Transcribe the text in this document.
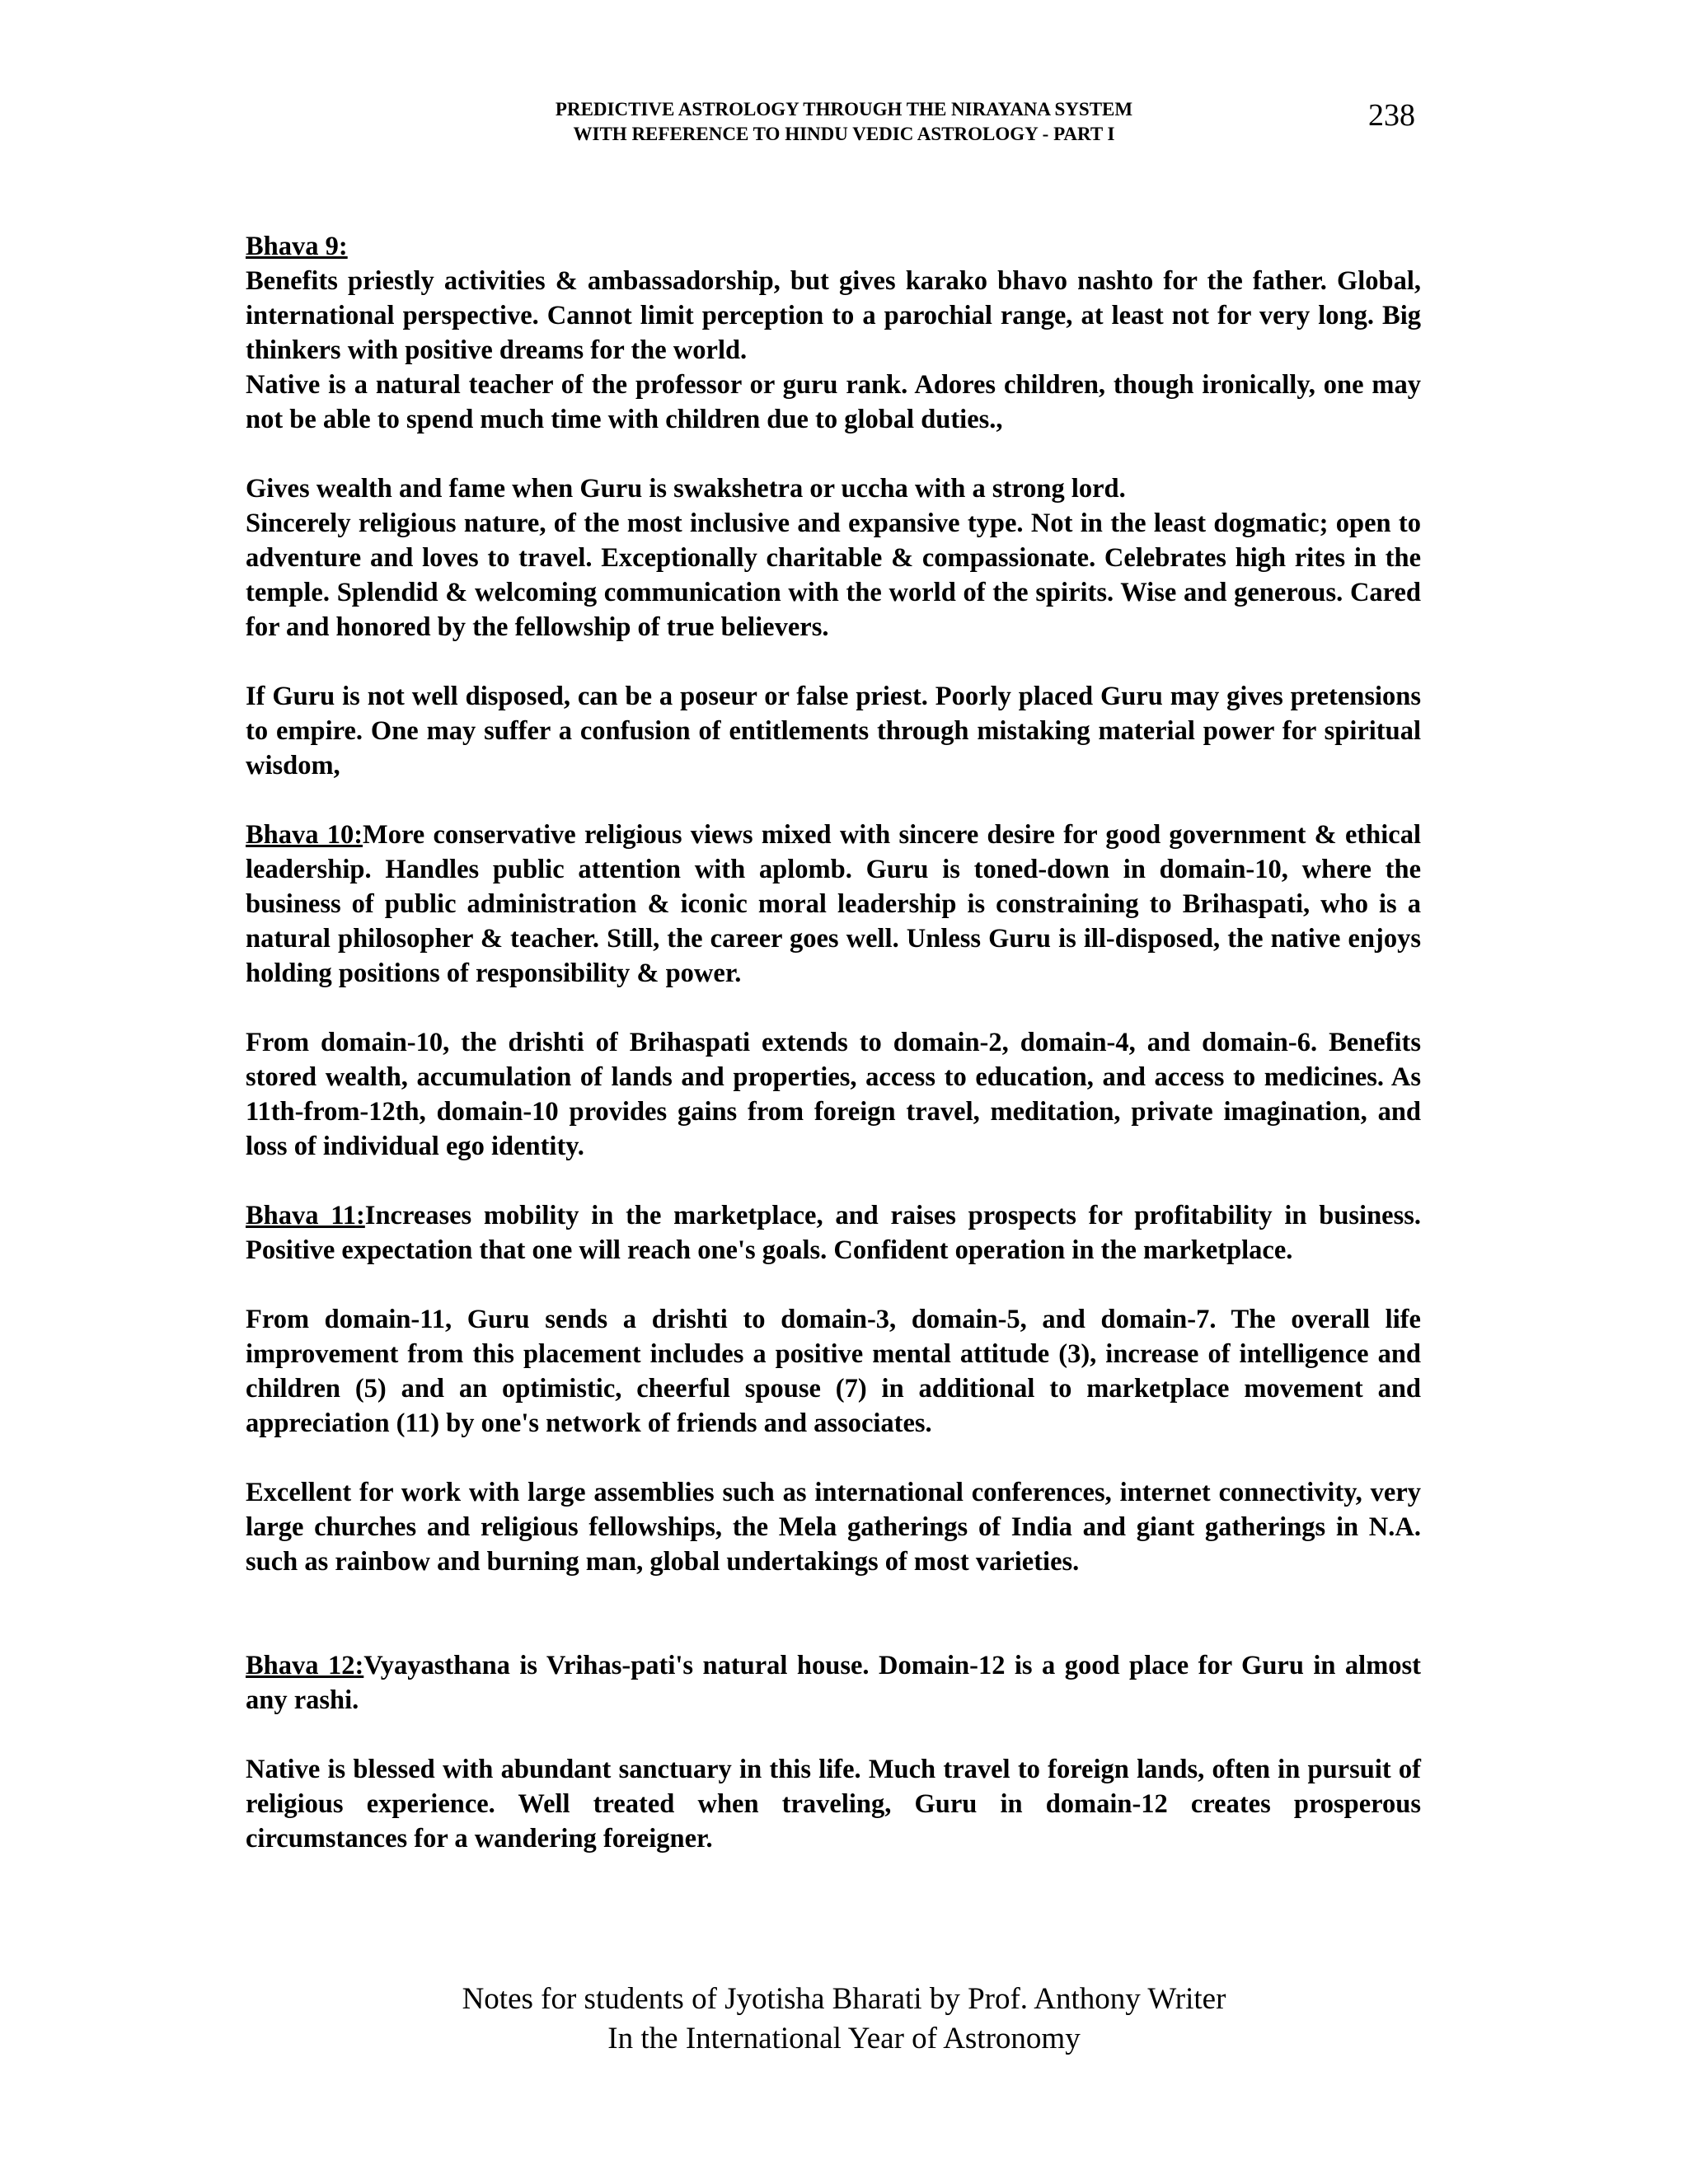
PREDICTIVE ASTROLOGY THROUGH THE NIRAYANA SYSTEM
WITH REFERENCE TO HINDU VEDIC ASTROLOGY - PART I
238
Bhava 9:

Benefits priestly activities & ambassadorship, but gives karako bhavo nashto for the father. Global, international perspective. Cannot limit perception to a parochial range, at least not for very long. Big thinkers with positive dreams for the world.

Native is a natural teacher of the professor or guru rank. Adores children, though ironically, one may not be able to spend much time with children due to global duties.,

Gives wealth and fame when Guru is swakshetra or uccha with a strong lord.

Sincerely religious nature, of the most inclusive and expansive type. Not in the least dogmatic; open to adventure and loves to travel. Exceptionally charitable & compassionate. Celebrates high rites in the temple. Splendid & welcoming communication with the world of the spirits. Wise and generous. Cared for and honored by the fellowship of true believers.

If Guru is not well disposed, can be a poseur or false priest. Poorly placed Guru may gives pretensions to empire. One may suffer a confusion of entitlements through mistaking material power for spiritual wisdom,

Bhava 10:More conservative religious views mixed with sincere desire for good government & ethical leadership. Handles public attention with aplomb. Guru is toned-down in domain-10, where the business of public administration & iconic moral leadership is constraining to Brihaspati, who is a natural philosopher & teacher. Still, the career goes well. Unless Guru is ill-disposed, the native enjoys holding positions of responsibility & power.

From domain-10, the drishti of Brihaspati extends to domain-2, domain-4, and domain-6. Benefits stored wealth, accumulation of lands and properties, access to education, and access to medicines. As 11th-from-12th, domain-10 provides gains from foreign travel, meditation, private imagination, and loss of individual ego identity.

Bhava 11:Increases mobility in the marketplace, and raises prospects for profitability in business. Positive expectation that one will reach one's goals. Confident operation in the marketplace.

From domain-11, Guru sends a drishti to domain-3, domain-5, and domain-7. The overall life improvement from this placement includes a positive mental attitude (3), increase of intelligence and children (5) and an optimistic, cheerful spouse (7) in additional to marketplace movement and appreciation (11) by one's network of friends and associates.

Excellent for work with large assemblies such as international conferences, internet connectivity, very large churches and religious fellowships, the Mela gatherings of India and giant gatherings in N.A. such as rainbow and burning man, global undertakings of most varieties.

Bhava 12:Vyayasthana is Vrihas-pati's natural house. Domain-12 is a good place for Guru in almost any rashi.

Native is blessed with abundant sanctuary in this life. Much travel to foreign lands, often in pursuit of religious experience. Well treated when traveling, Guru in domain-12 creates prosperous circumstances for a wandering foreigner.

Notes for students of Jyotisha Bharati by Prof. Anthony Writer
In the International Year of Astronomy
